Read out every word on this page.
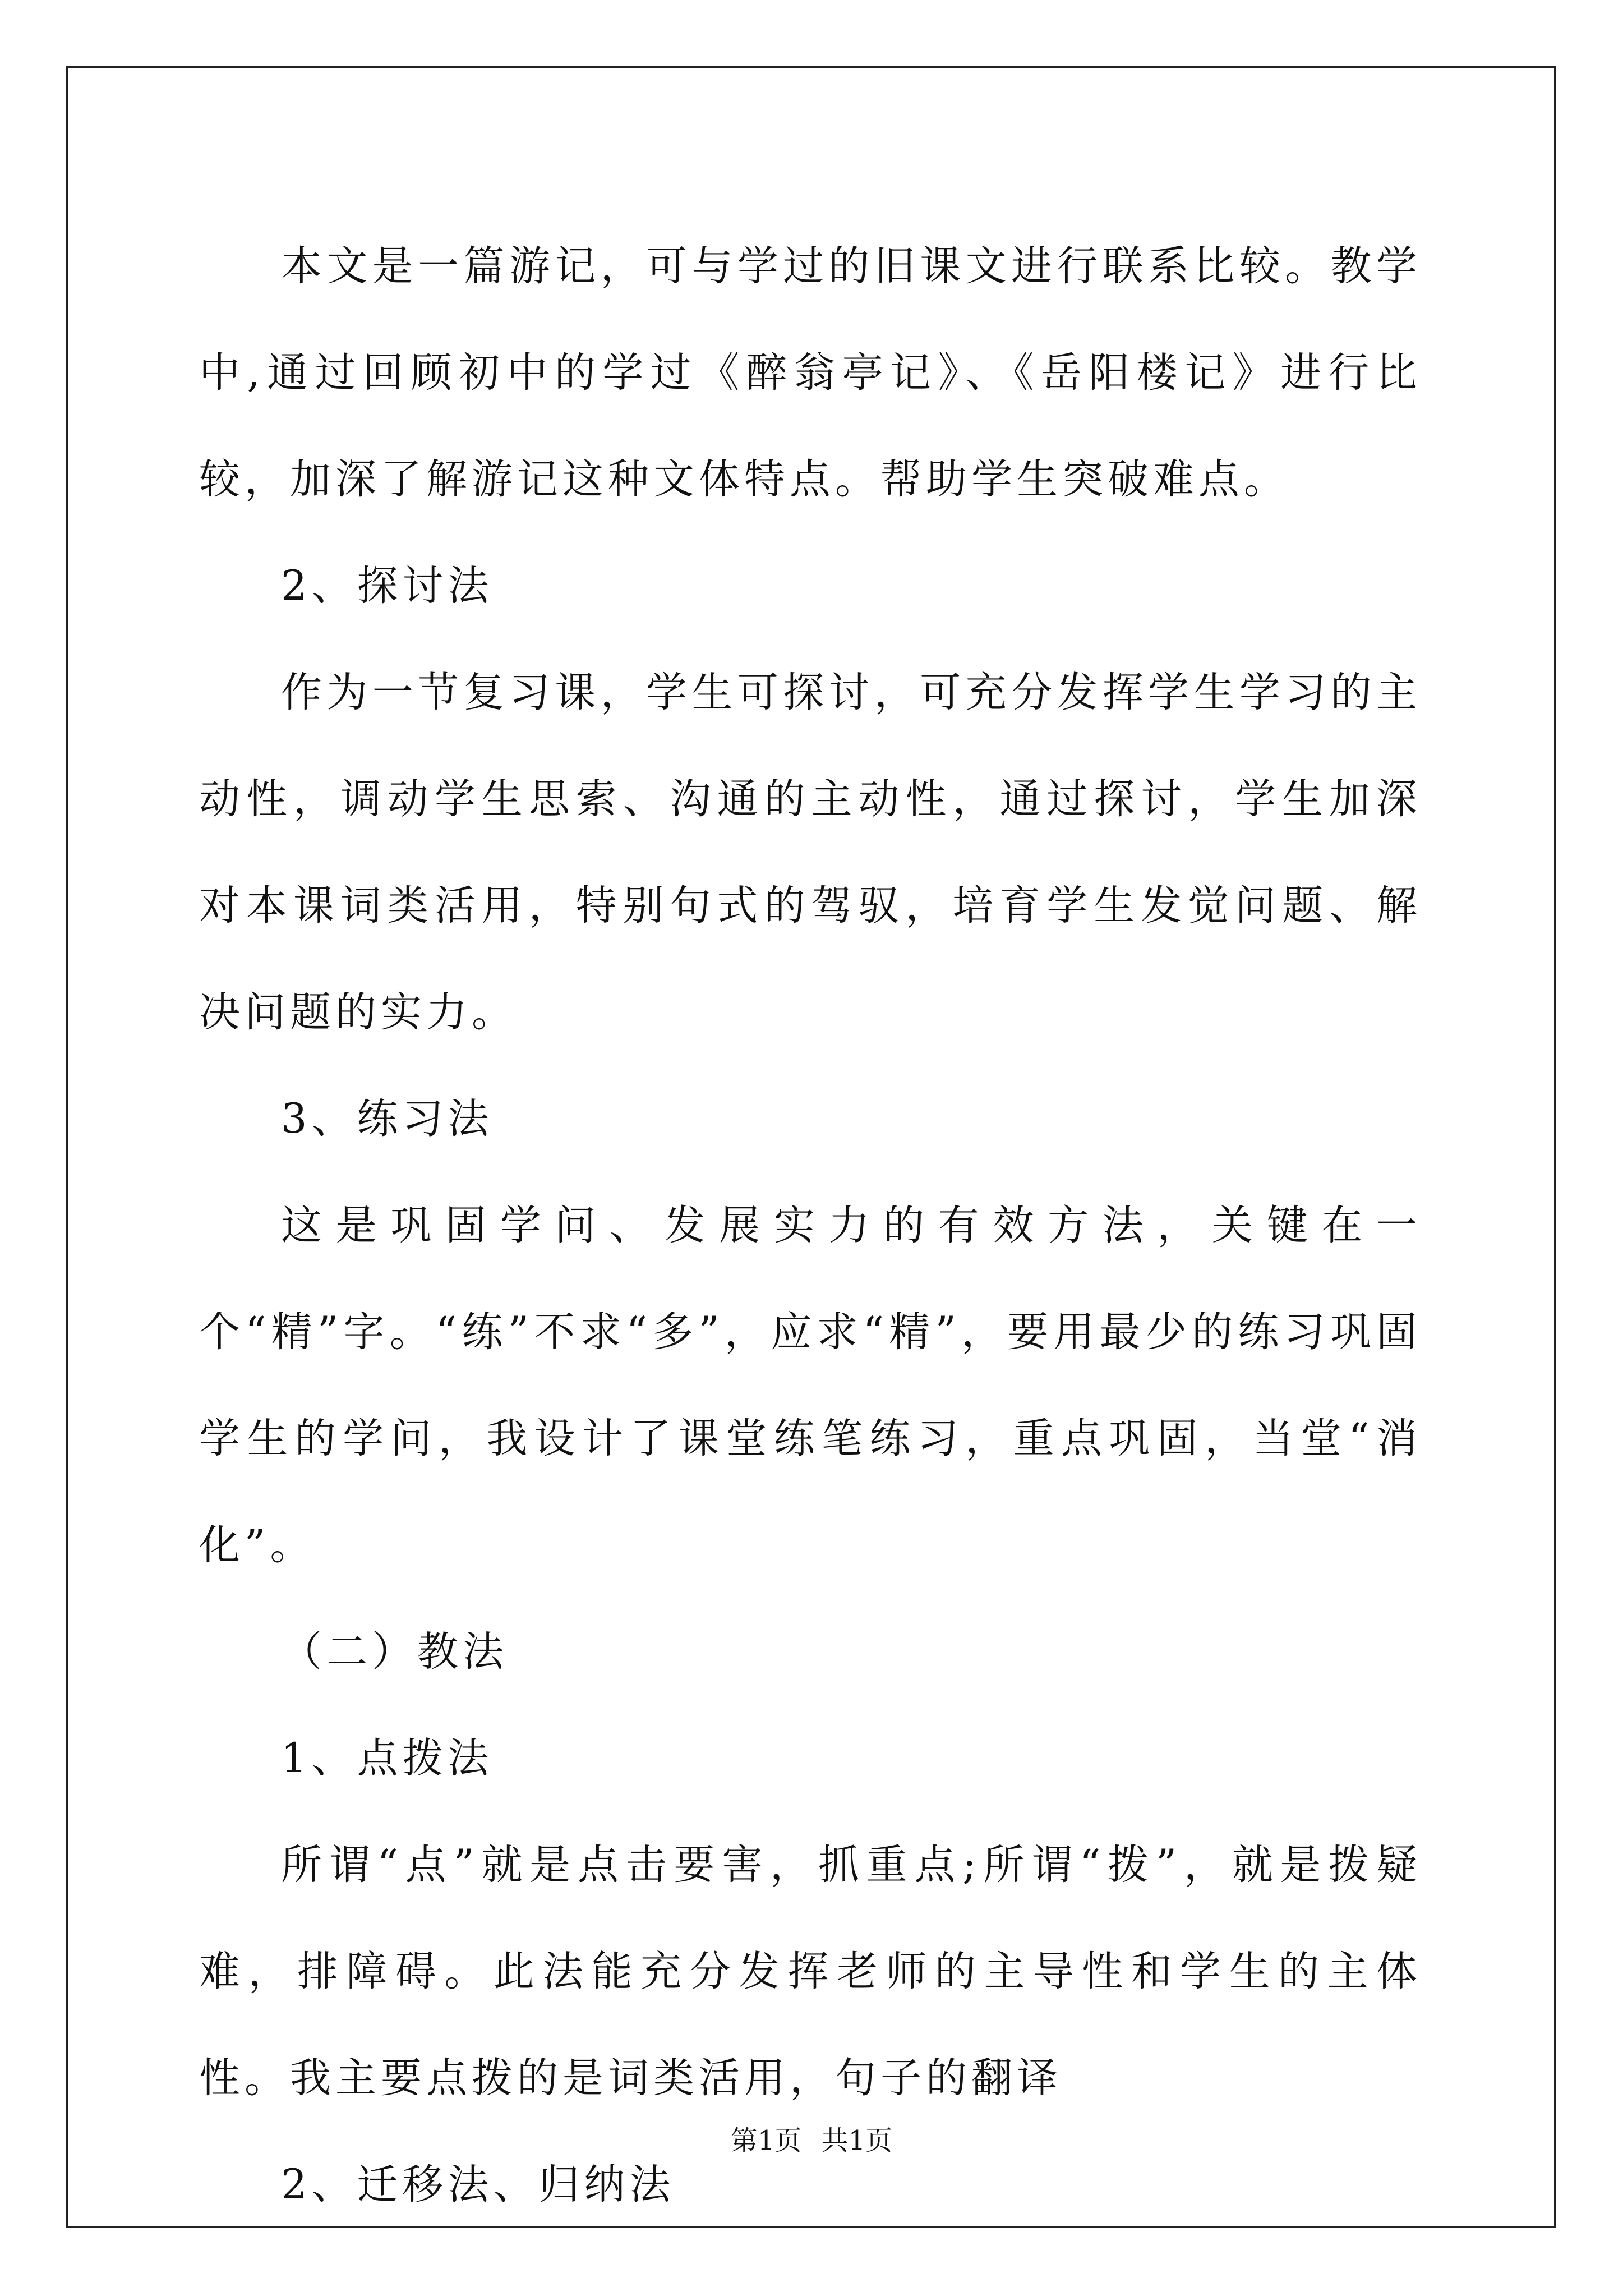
本文是一篇游记，可与学过的旧课文进行联系比较。教学中,通过回顾初中的学过《醉翁亭记》、《岳阳楼记》进行比较，加深了解游记这种文体特点。帮助学生突破难点。

2、探讨法

作为一节复习课，学生可探讨，可充分发挥学生学习的主动性，调动学生思索、沟通的主动性，通过探讨，学生加深对本课词类活用，特别句式的驾驭，培育学生发觉问题、解决问题的实力。

3、练习法

这是巩固学问、发展实力的有效方法，关键在一个“精”字。“练”不求“多”，应求“精”，要用最少的练习巩固学生的学问，我设计了课堂练笔练习，重点巩固，当堂“消化”。

（二）教法

1、点拨法

所谓“点”就是点击要害，抓重点;所谓“拨”，就是拨疑难，排障碍。此法能充分发挥老师的主导性和学生的主体性。我主要点拨的是词类活用，句子的翻译

2、迁移法、归纳法

第1页 共1页
